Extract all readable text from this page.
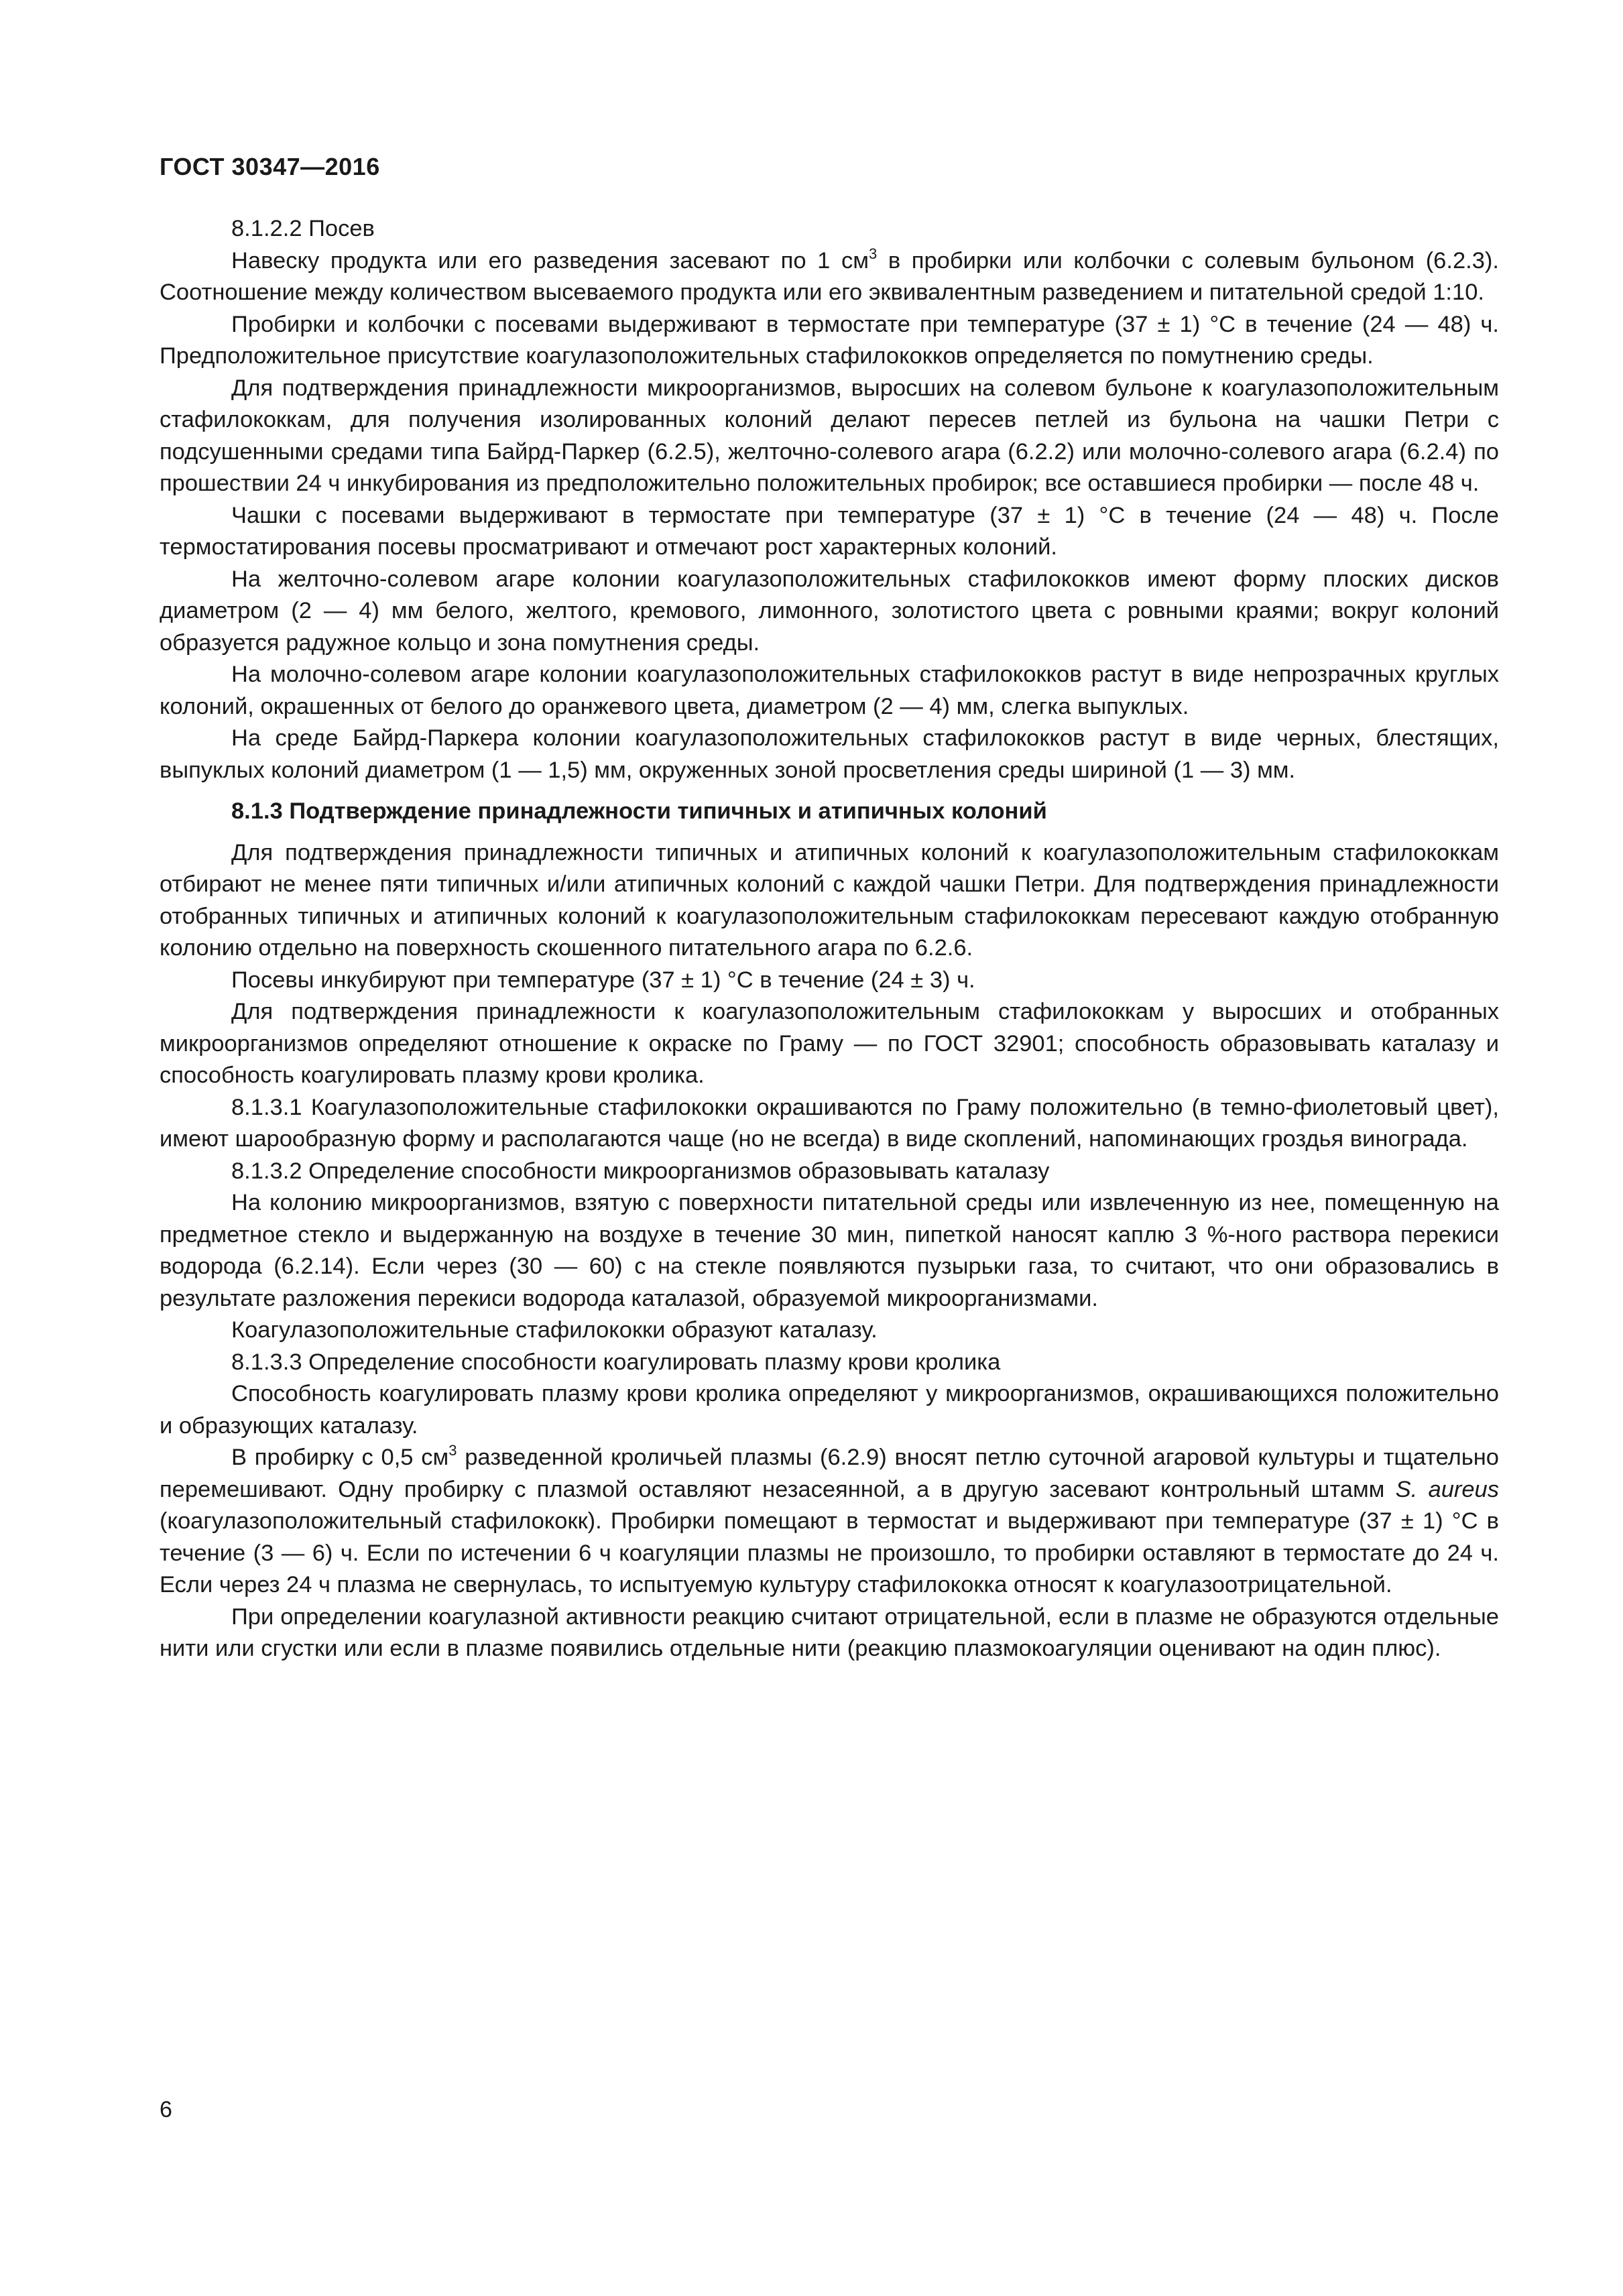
ГОСТ 30347—2016

8.1.2.2 Посев

Навеску продукта или его разведения засевают по 1 $см^3$ в пробирки или колбочки с солевым бульоном (6.2.3). Соотношение между количеством высеваемого продукта или его эквивалентным разведением и питательной средой 1:10.

Пробирки и колбочки с посевами выдерживают в термостате при температуре (37 ± 1) °С в течение (24 — 48) ч. Предположительное присутствие коагулазоположительных стафилококков определяется по помутнению среды.

Для подтверждения принадлежности микроорганизмов, выросших на солевом бульоне к коагулазоположительным стафилококкам, для получения изолированных колоний делают пересев петлей из бульона на чашки Петри с подсушенными средами типа Байрд-Паркер (6.2.5), желточно-солевого агара (6.2.2) или молочно-солевого агара (6.2.4) по прошествии 24 ч инкубирования из предположительно положительных пробирок; все оставшиеся пробирки — после 48 ч.

Чашки с посевами выдерживают в термостате при температуре (37 ± 1) °С в течение (24 — 48) ч. После термостатирования посевы просматривают и отмечают рост характерных колоний.

На желточно-солевом агаре колонии коагулазоположительных стафилококков имеют форму плоских дисков диаметром (2 — 4) мм белого, желтого, кремового, лимонного, золотистого цвета с ровными краями; вокруг колоний образуется радужное кольцо и зона помутнения среды.

На молочно-солевом агаре колонии коагулазоположительных стафилококков растут в виде непрозрачных круглых колоний, окрашенных от белого до оранжевого цвета, диаметром (2 — 4) мм, слегка выпуклых.

На среде Байрд-Паркера колонии коагулазоположительных стафилококков растут в виде черных, блестящих, выпуклых колоний диаметром (1 — 1,5) мм, окруженных зоной просветления среды шириной (1 — 3) мм.

8.1.3 Подтверждение принадлежности типичных и атипичных колоний

Для подтверждения принадлежности типичных и атипичных колоний к коагулазоположительным стафилококкам отбирают не менее пяти типичных и/или атипичных колоний с каждой чашки Петри. Для подтверждения принадлежности отобранных типичных и атипичных колоний к коагулазоположительным стафилококкам пересевают каждую отобранную колонию отдельно на поверхность скошенного питательного агара по 6.2.6.

Посевы инкубируют при температуре (37 ± 1) °С в течение (24 ± 3) ч.

Для подтверждения принадлежности к коагулазоположительным стафилококкам у выросших и отобранных микроорганизмов определяют отношение к окраске по Граму — по ГОСТ 32901; способность образовывать каталазу и способность коагулировать плазму крови кролика.

8.1.3.1 Коагулазоположительные стафилококки окрашиваются по Граму положительно (в темно-фиолетовый цвет), имеют шарообразную форму и располагаются чаще (но не всегда) в виде скоплений, напоминающих гроздья винограда.

8.1.3.2 Определение способности микроорганизмов образовывать каталазу

На колонию микроорганизмов, взятую с поверхности питательной среды или извлеченную из нее, помещенную на предметное стекло и выдержанную на воздухе в течение 30 мин, пипеткой наносят каплю 3 %-ного раствора перекиси водорода (6.2.14). Если через (30 — 60) с на стекле появляются пузырьки газа, то считают, что они образовались в результате разложения перекиси водорода каталазой, образуемой микроорганизмами.

Коагулазоположительные стафилококки образуют каталазу.

8.1.3.3 Определение способности коагулировать плазму крови кролика

Способность коагулировать плазму крови кролика определяют у микроорганизмов, окрашивающихся положительно и образующих каталазу.

В пробирку с 0,5 $см^3$ разведенной кроличьей плазмы (6.2.9) вносят петлю суточной агаровой культуры и тщательно перемешивают. Одну пробирку с плазмой оставляют незасеянной, а в другую засевают контрольный штамм S. aureus (коагулазоположительный стафилококк). Пробирки помещают в термостат и выдерживают при температуре (37 ± 1) °С в течение (3 — 6) ч. Если по истечении 6 ч коагуляции плазмы не произошло, то пробирки оставляют в термостате до 24 ч. Если через 24 ч плазма не свернулась, то испытуемую культуру стафилококка относят к коагулазоотрицательной.

При определении коагулазной активности реакцию считают отрицательной, если в плазме не образуются отдельные нити или сгустки или если в плазме появились отдельные нити (реакцию плазмокоагуляции оценивают на один плюс).

6
